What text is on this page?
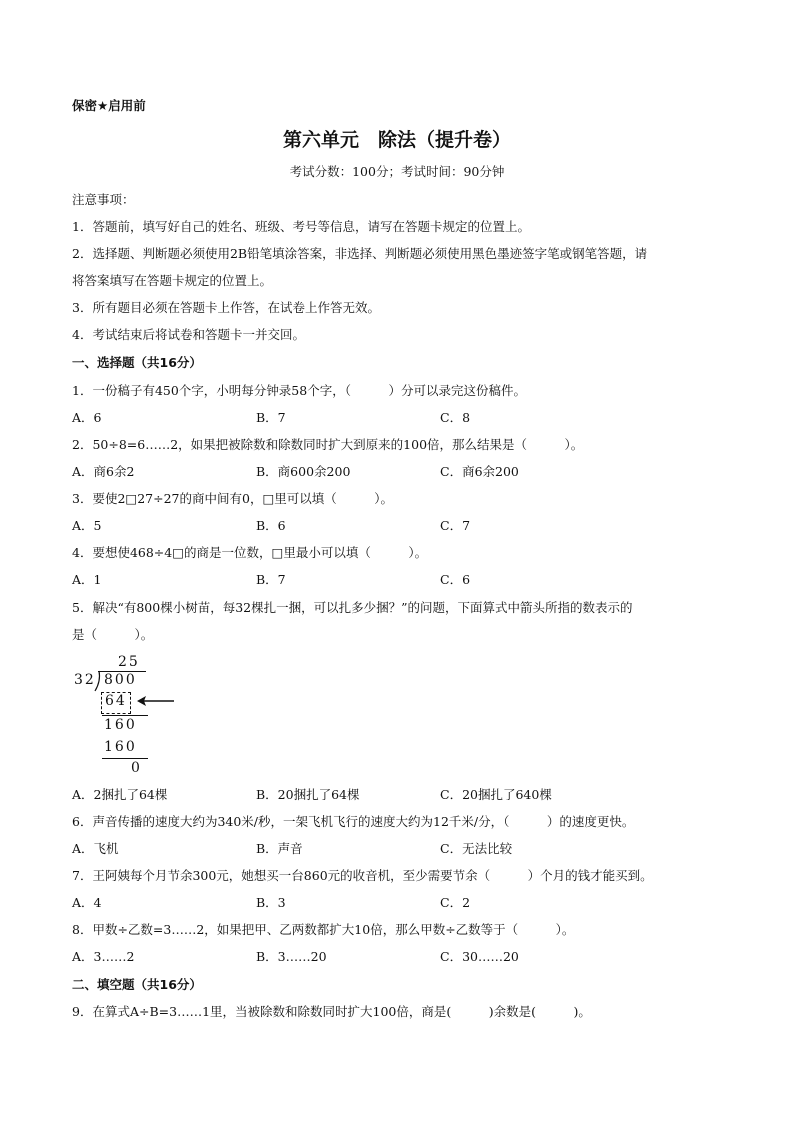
保密★启用前
第六单元　除法（提升卷）
考试分数：100分；考试时间：90分钟
注意事项：
1．答题前，填写好自己的姓名、班级、考号等信息，请写在答题卡规定的位置上。
2．选择题、判断题必须使用2B铅笔填涂答案，非选择、判断题必须使用黑色墨迹签字笔或钢笔答题，请
将答案填写在答题卡规定的位置上。
3．所有题目必须在答题卡上作答，在试卷上作答无效。
4．考试结束后将试卷和答题卡一并交回。
一、选择题（共16分）
1．一份稿子有450个字，小明每分钟录58个字，（　　　）分可以录完这份稿件。
A．6	B．7	C．8
2．50÷8=6……2，如果把被除数和除数同时扩大到原来的100倍，那么结果是（　　　）。
A．商6余2	B．商600余200	C．商6余200
3．要使2□27÷27的商中间有0，□里可以填（　　　）。
A．5	B．6	C．7
4．要想使468÷4□的商是一位数，□里最小可以填（　　　）。
A．1	B．7	C．6
5．解决“有800棵小树苗，每32棵扎一捆，可以扎多少捆？”的问题，下面算式中箭头所指的数表示的
是（　　　）。
25
32 800
64
160
160
0
A．2捆扎了64棵	B．20捆扎了64棵	C．20捆扎了640棵
6．声音传播的速度大约为340米/秒，一架飞机飞行的速度大约为12千米/分，（　　　）的速度更快。
A．飞机	B．声音	C．无法比较
7．王阿姨每个月节余300元，她想买一台860元的收音机，至少需要节余（　　　）个月的钱才能买到。
A．4	B．3	C．2
8．甲数÷乙数=3……2，如果把甲、乙两数都扩大10倍，那么甲数÷乙数等于（　　　）。
A．3……2	B．3……20	C．30……20
二、填空题（共16分）
9．在算式A÷B=3……1里，当被除数和除数同时扩大100倍，商是(　　　)余数是(　　　)。
